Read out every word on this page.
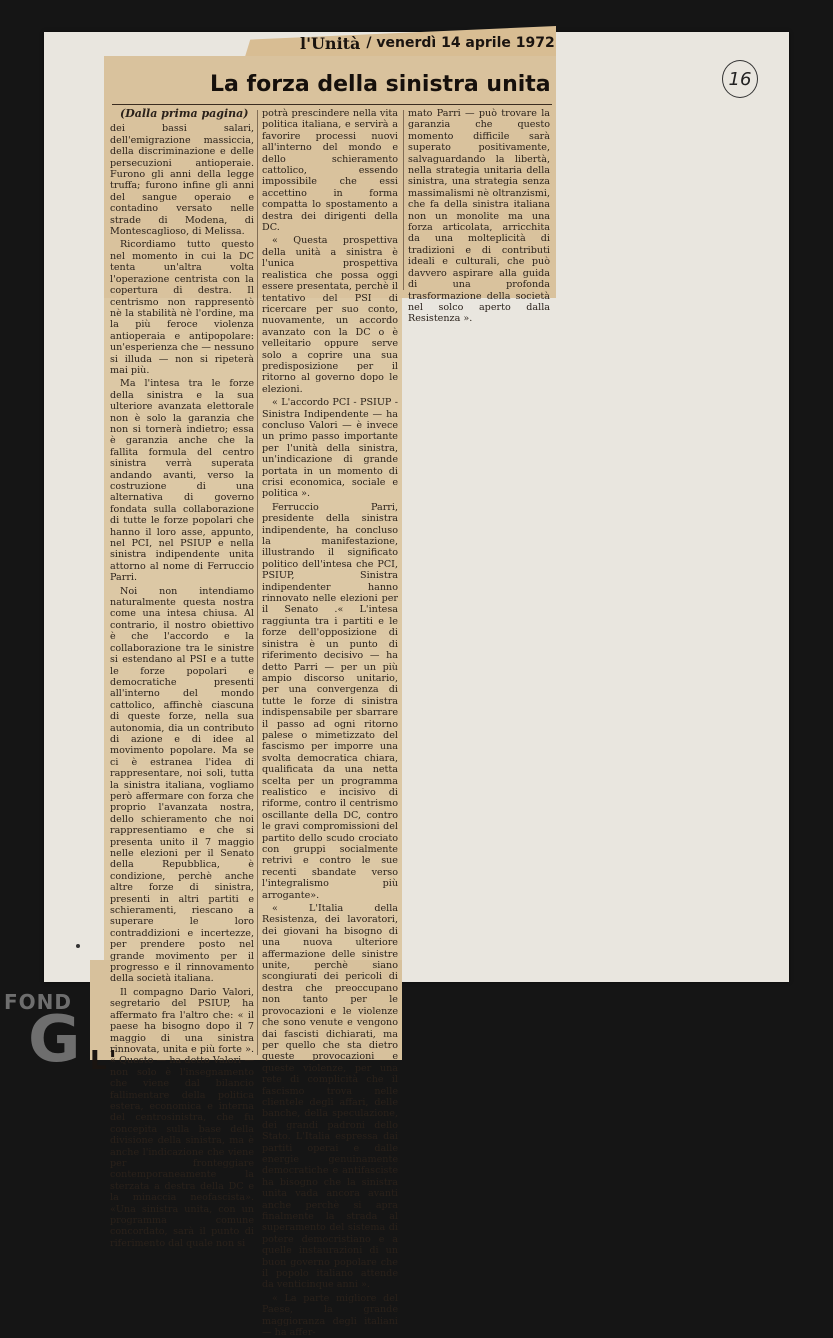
l'Unità / venerdì 14 aprile 1972
La forza della sinistra unita

(Dalla prima pagina)

dei bassi salari, dell'emigrazione massiccia, della discriminazione e delle persecuzioni antioperaie. Furono gli anni della legge truffa; furono infine gli anni del sangue operaio e contadino versato nelle strade di Modena, di Montescaglioso, di Melissa.

Ricordiamo tutto questo nel momento in cui la DC tenta un'altra volta l'operazione centrista con la copertura di destra. Il centrismo non rappresentò nè la stabilità nè l'ordine, ma la più feroce violenza antioperaia e antipopolare: un'esperienza che — nessuno si illuda — non si ripeterà mai più.

Ma l'intesa tra le forze della sinistra e la sua ulteriore avanzata elettorale non è solo la garanzia che non si tornerà indietro; essa è garanzia anche che la fallita formula del centro sinistra verrà superata andando avanti, verso la costruzione di una alternativa di governo fondata sulla collaborazione di tutte le forze popolari che hanno il loro asse, appunto, nel PCI, nel PSIUP e nella sinistra indipendente unita attorno al nome di Ferruccio Parri.

Noi non intendiamo naturalmente questa nostra come una intesa chiusa. Al contrario, il nostro obiettivo è che l'accordo e la collaborazione tra le sinistre si estendano al PSI e a tutte le forze popolari e democratiche presenti all'interno del mondo cattolico, affinchè ciascuna di queste forze, nella sua autonomia, dia un contributo di azione e di idee al movimento popolare. Ma se ci è estranea l'idea di rappresentare, noi soli, tutta la sinistra italiana, vogliamo però affermare con forza che proprio l'avanzata nostra, dello schieramento che noi rappresentiamo e che si presenta unito il 7 maggio nelle elezioni per il Senato della Repubblica, è condizione, perchè anche altre forze di sinistra, presenti in altri partiti e schieramenti, riescano a superare le loro contraddizioni e incertezze, per prendere posto nel grande movimento per il progresso e il rinnovamento della società italiana.

Il compagno Dario Valori, segretario del PSIUP, ha affermato fra l'altro che: « il paese ha bisogno dopo il 7 maggio di una sinistra rinnovata, unita e più forte ». « Questo — ha detto Valori — non solo è l'insegnamento che viene dal bilancio fallimentare della politica estera, economica e interna del centrosinistra, che fu concepita sulla base della divisione della sinistra, ma è anche l'indicazione che viene per fronteggiare contemporaneamente la sterzata a destra della DC e la minaccia neofascista». «Una sinistra unita, con un programma comune concordato, sarà il punto di riferimento dal quale non si

potrà prescindere nella vita politica italiana, e servirà a favorire processi nuovi all'interno del mondo e dello schieramento cattolico, essendo impossibile che essi accettino in forma compatta lo spostamento a destra dei dirigenti della DC.

« Questa prospettiva della unità a sinistra è l'unica prospettiva realistica che possa oggi essere presentata, perchè il tentativo del PSI di ricercare per suo conto, nuovamente, un accordo avanzato con la DC o è velleitario oppure serve solo a coprire una sua predisposizione per il ritorno al governo dopo le elezioni.

« L'accordo PCI - PSIUP - Sinistra Indipendente — ha concluso Valori — è invece un primo passo importante per l'unità della sinistra, un'indicazione di grande portata in un momento di crisi economica, sociale e politica ».

Ferruccio Parri, presidente della sinistra indipendente, ha concluso la manifestazione, illustrando il significato politico dell'intesa che PCI, PSIUP, Sinistra indipendenter hanno rinnovato nelle elezioni per il Senato .« L'intesa raggiunta tra i partiti e le forze dell'opposizione di sinistra è un punto di riferimento decisivo — ha detto Parri — per un più ampio discorso unitario, per una convergenza di tutte le forze di sinistra indispensabile per sbarrare il passo ad ogni ritorno palese o mimetizzato del fascismo per imporre una svolta democratica chiara, qualificata da una netta scelta per un programma realistico e incisivo di riforme, contro il centrismo oscillante della DC, contro le gravi compromissioni del partito dello scudo crociato con gruppi socialmente retrivi e contro le sue recenti sbandate verso l'integralismo più arrogante».

« L'Italia della Resistenza, dei lavoratori, dei giovani ha bisogno di una nuova ulteriore affermazione delle sinistre unite, perchè siano scongiurati dei pericoli di destra che preoccupano non tanto per le provocazioni e le violenze che sono venute e vengono dai fascisti dichiarati, ma per quello che sta dietro queste provocazioni e queste violenze, per una rete di complicità che il fascismo trova nelle clientele degli affari, delle banche, della speculazione, dei grandi padroni dello Stato. L'Italia espressa dai partiti operai e dalle energie genuinamente democratiche e antifasciste ha bisogno che la sinistra unita vada ancora avanti anche perchè si apra finalmente la strada al superamento del sistema di potere democristiano e a quelle instaurazioni di un buon governo popolare che il popolo italiano attende da venticinque anni ».

« La parte migliore del Paese, la grande maggioranza degli italiani — ha affer-

mato Parri — può trovare la garanzia che questo momento difficile sarà superato positivamente, salvaguardando la libertà, nella strategia unitaria della sinistra, una strategia senza massimalismi nè oltranzismi, che fa della sinistra italiana non un monolite ma una forza articolata, arricchita da una molteplicità di tradizioni e di contributi ideali e culturali, che può davvero aspirare alla guida di una profonda trasformazione della società nel solco aperto dalla Resistenza ».

L'
16
FOND
G
